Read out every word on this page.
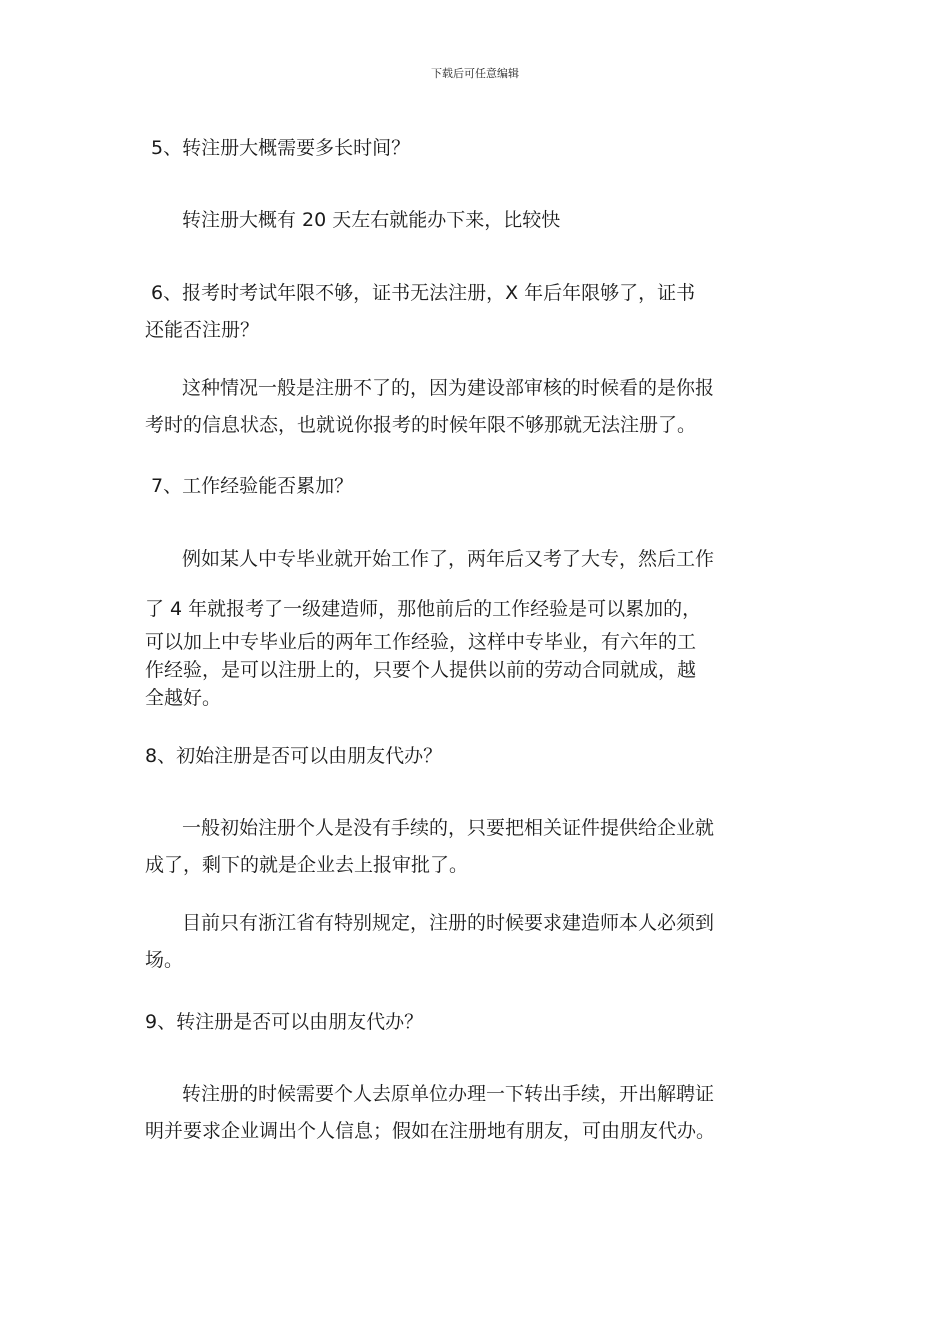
下载后可任意编辑

5、转注册大概需要多长时间？

转注册大概有 20 天左右就能办下来，比较快

6、报考时考试年限不够，证书无法注册，X 年后年限够了，证书
还能否注册？
这种情况一般是注册不了的，因为建设部审核的时候看的是你报
考时的信息状态，也就说你报考的时候年限不够那就无法注册了。

7、工作经验能否累加？

例如某人中专毕业就开始工作了，两年后又考了大专，然后工作
了 4 年就报考了一级建造师，那他前后的工作经验是可以累加的，
可以加上中专毕业后的两年工作经验，这样中专毕业，有六年的工
作经验，是可以注册上的，只要个人提供以前的劳动合同就成，越
全越好。

8、初始注册是否可以由朋友代办？

一般初始注册个人是没有手续的，只要把相关证件提供给企业就
成了，剩下的就是企业去上报审批了。
目前只有浙江省有特别规定，注册的时候要求建造师本人必须到
场。

9、转注册是否可以由朋友代办？

转注册的时候需要个人去原单位办理一下转出手续，开出解聘证
明并要求企业调出个人信息；假如在注册地有朋友，可由朋友代办。
